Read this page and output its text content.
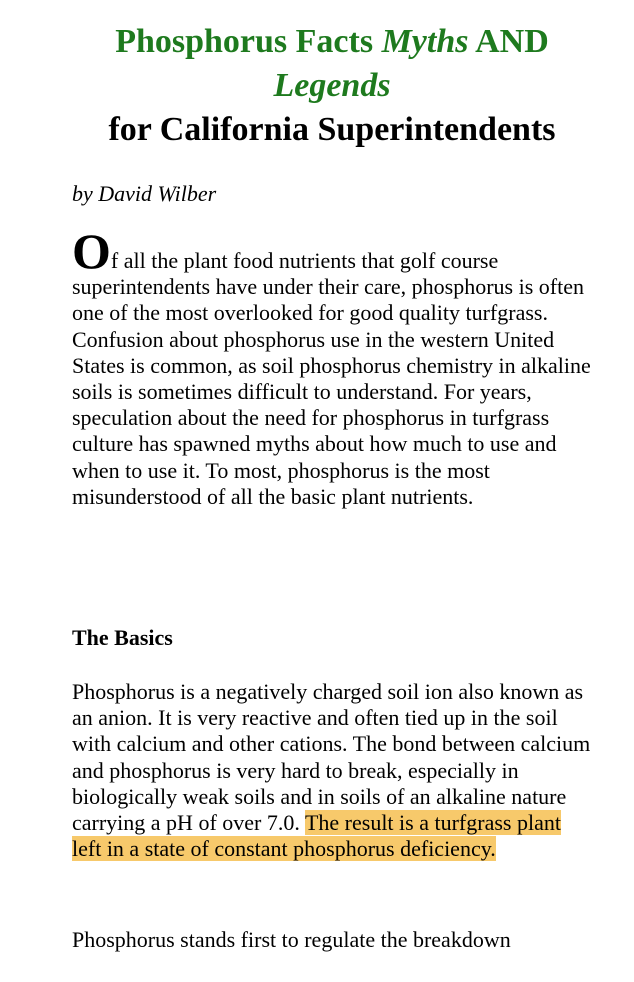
Phosphorus Facts Myths AND
Legends
for California Superintendents

by David Wilber

Of all the plant food nutrients that golf course superintendents have under their care, phosphorus is often one of the most overlooked for good quality turfgrass. Confusion about phosphorus use in the western United States is common, as soil phosphorus chemistry in alkaline soils is sometimes difficult to understand. For years, speculation about the need for phosphorus in turfgrass culture has spawned myths about how much to use and when to use it. To most, phosphorus is the most misunderstood of all the basic plant nutrients.

The Basics

Phosphorus is a negatively charged soil ion also known as an anion. It is very reactive and often tied up in the soil with calcium and other cations. The bond between calcium and phosphorus is very hard to break, especially in biologically weak soils and in soils of an alkaline nature carrying a pH of over 7.0. The result is a turfgrass plant left in a state of constant phosphorus deficiency.

Phosphorus stands first to regulate the breakdown
